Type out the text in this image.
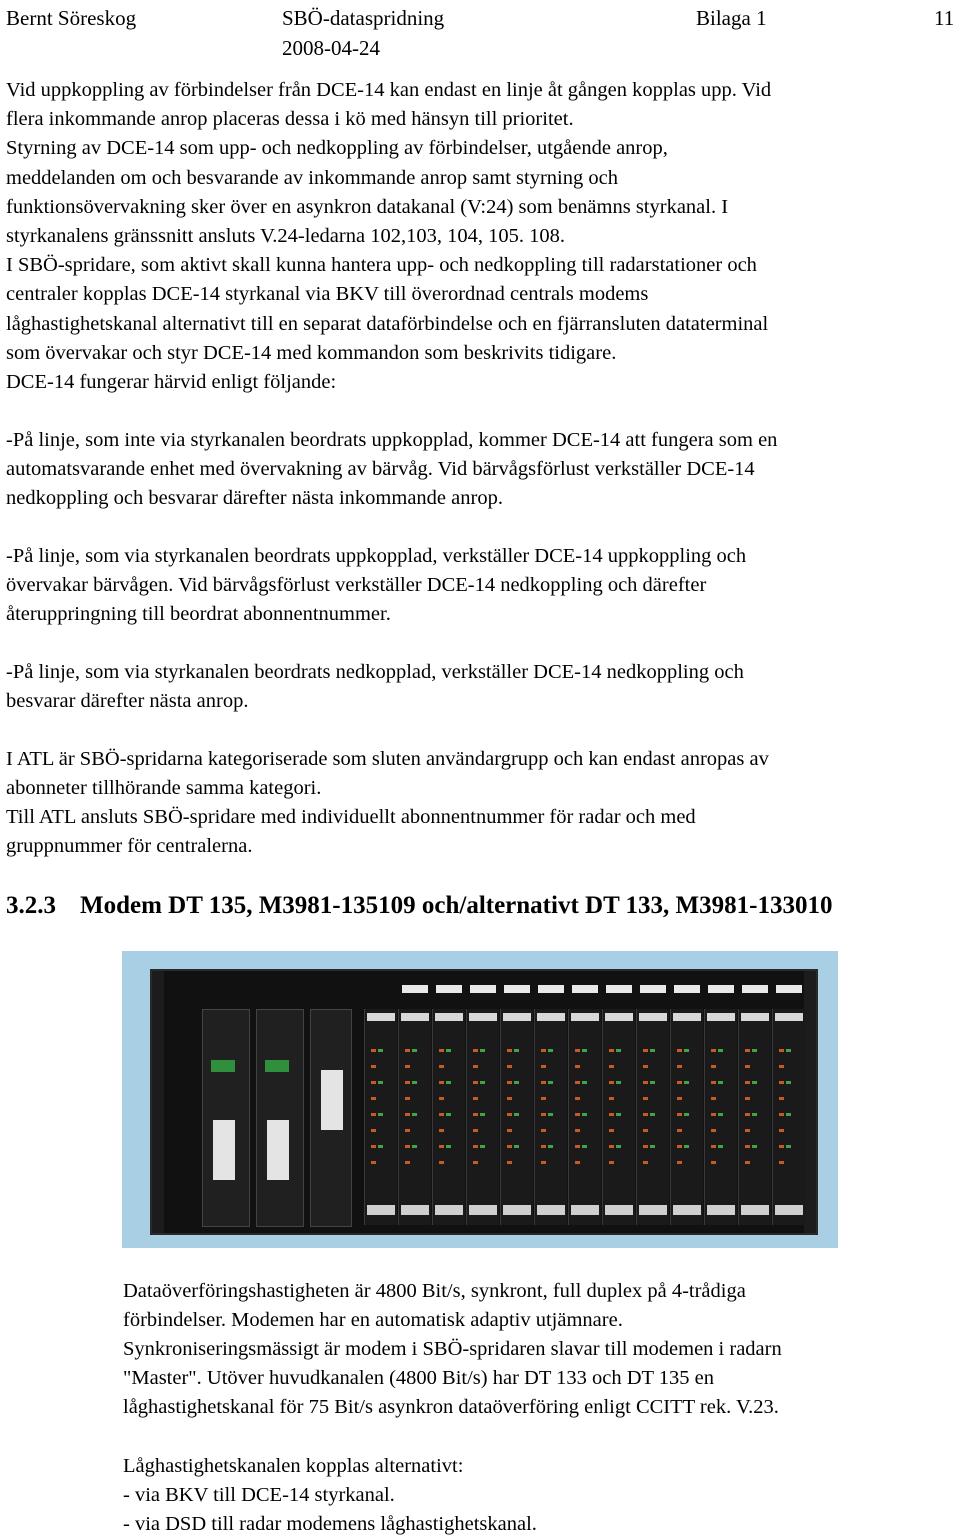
Bernt Söreskog	SBÖ-dataspridning	Bilaga 1	11
2008-04-24
Vid uppkoppling av förbindelser från DCE-14 kan endast en linje åt gången kopplas upp. Vid
flera inkommande anrop placeras dessa i kö med hänsyn till prioritet.
Styrning av DCE-14 som upp- och nedkoppling av förbindelser, utgående anrop,
meddelanden om och besvarande av inkommande anrop samt styrning och
funktionsövervakning sker över en asynkron datakanal (V:24) som benämns styrkanal. I
styrkanalens gränssnitt ansluts V.24-ledarna 102,103, 104, 105. 108.
I SBÖ-spridare, som aktivt skall kunna hantera upp- och nedkoppling till radarstationer och
centraler kopplas DCE-14 styrkanal via BKV till överordnad centrals modems
låghastighetskanal alternativt till en separat dataförbindelse och en fjärransluten dataterminal
som övervakar och styr DCE-14 med kommandon som beskrivits tidigare.
DCE-14 fungerar härvid enligt följande:
-På linje, som inte via styrkanalen beordrats uppkopplad, kommer DCE-14 att fungera som en
automatsvarande enhet med övervakning av bärvåg. Vid bärvågsförlust verkställer DCE-14
nedkoppling och besvarar därefter nästa inkommande anrop.
-På linje, som via styrkanalen beordrats uppkopplad, verkställer DCE-14 uppkoppling och
övervakar bärvågen. Vid bärvågsförlust verkställer DCE-14 nedkoppling och därefter
återuppringning till beordrat abonnentnummer.
-På linje, som via styrkanalen beordrats nedkopplad, verkställer DCE-14 nedkoppling och
besvarar därefter nästa anrop.
I ATL är SBÖ-spridarna kategoriserade som sluten användargrupp och kan endast anropas av
abonneter tillhörande samma kategori.
Till ATL ansluts SBÖ-spridare med individuellt abonnentnummer för radar och med
gruppnummer för centralerna.
3.2.3 Modem DT 135, M3981-135109 och/alternativt DT 133, M3981-133010
Dataöverföringshastigheten är 4800 Bit/s, synkront, full duplex på 4-trådiga
förbindelser. Modemen har en automatisk adaptiv utjämnare.
Synkroniseringsmässigt är modem i SBÖ-spridaren slavar till modemen i radarn
"Master". Utöver huvudkanalen (4800 Bit/s) har DT 133 och DT 135 en
låghastighetskanal för 75 Bit/s asynkron dataöverföring enligt CCITT rek. V.23.
Låghastighetskanalen kopplas alternativt:
- via BKV till DCE-14 styrkanal.
- via DSD till radar modemens låghastighetskanal.
